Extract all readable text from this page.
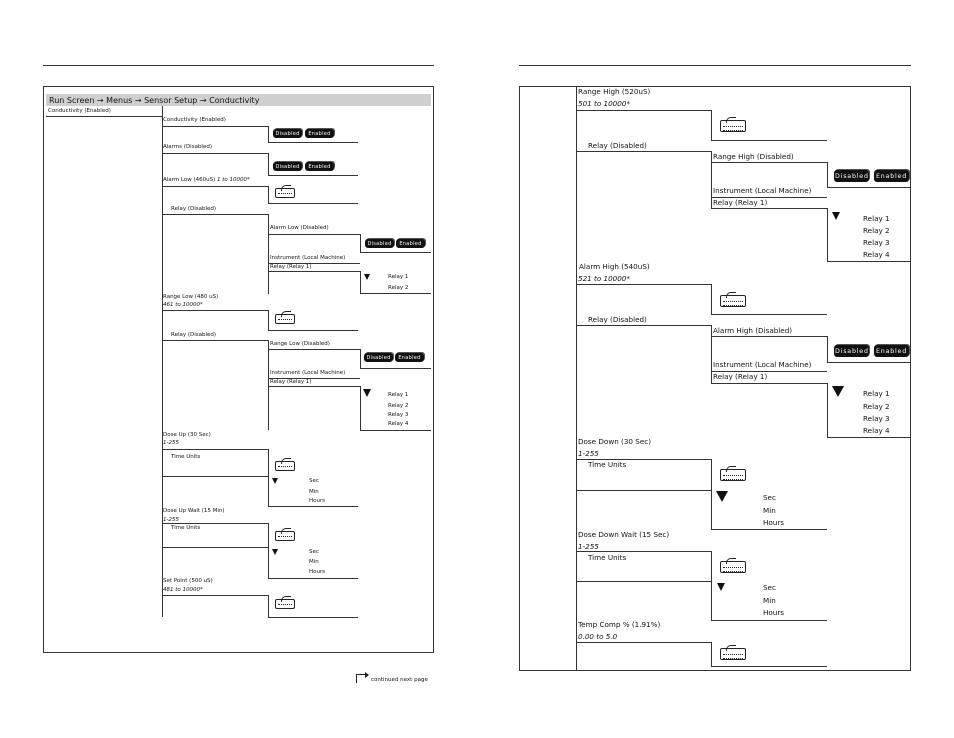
Run Screen → Menus → Sensor Setup → Conductivity
Conductivity (Enabled)
Conductivity (Enabled)
Disabled	Enabled
Alarms (Disabled)
Disabled	Enabled
Alarm Low (460uS) 1 to 10000*
Relay (Disabled)
Alarm Low (Disabled)
Disabled	Enabled
Instrument (Local Machine)
Relay (Relay 1)
Relay 1
Relay 2
Range Low (480 uS)
461 to 10000*
Relay (Disabled)
Range Low (Disabled)
Disabled	Enabled
Instrument (Local Machine)
Relay (Relay 1)
Relay 1
Relay 2
Relay 3
Relay 4
Dose Up (30 Sec)
1-255
Time Units
Sec
Min
Hours
Dose Up Wait (15 Min)
1-255
Time Units
Sec
Min
Hours
Set Point (500 uS)
481 to 10000*
continued next page
Range High (520uS)
501 to 10000*
Relay (Disabled)
Range High (Disabled)
Disabled	Enabled
Instrument (Local Machine)
Relay (Relay 1)
Relay 1
Relay 2
Relay 3
Relay 4
Alarm High (540uS)
521 to 10000*
Relay (Disabled)
Alarm High (Disabled)
Disabled	Enabled
Instrument (Local Machine)
Relay (Relay 1)
Relay 1
Relay 2
Relay 3
Relay 4
Dose Down (30 Sec)
1-255
Time Units
Sec
Min
Hours
Dose Down Wait (15 Sec)
1-255
Time Units
Sec
Min
Hours
Temp Comp % (1.91%)
0.00 to 5.0
